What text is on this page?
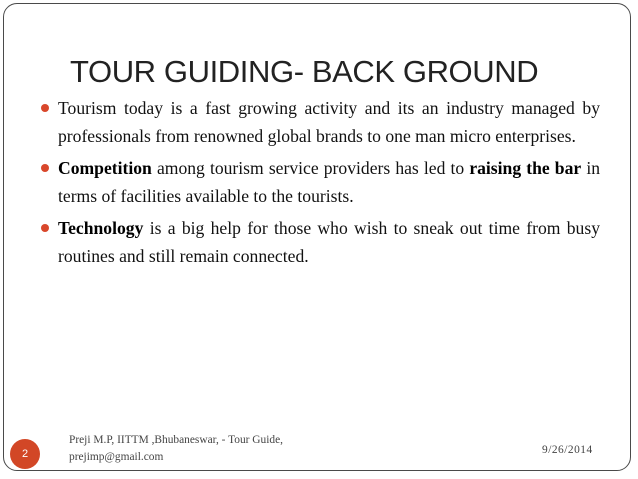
TOUR GUIDING- BACK GROUND
Tourism today is a fast growing activity and its an industry managed by professionals from renowned global brands to one man micro enterprises.
Competition among tourism service providers has led to raising the bar in terms of facilities available to the tourists.
Technology is a big help for those who wish to sneak out time from busy routines and still remain connected.
2

Preji M.P, IITTM ,Bhubaneswar, - Tour Guide,
prejimp@gmail.com

9/26/2014
